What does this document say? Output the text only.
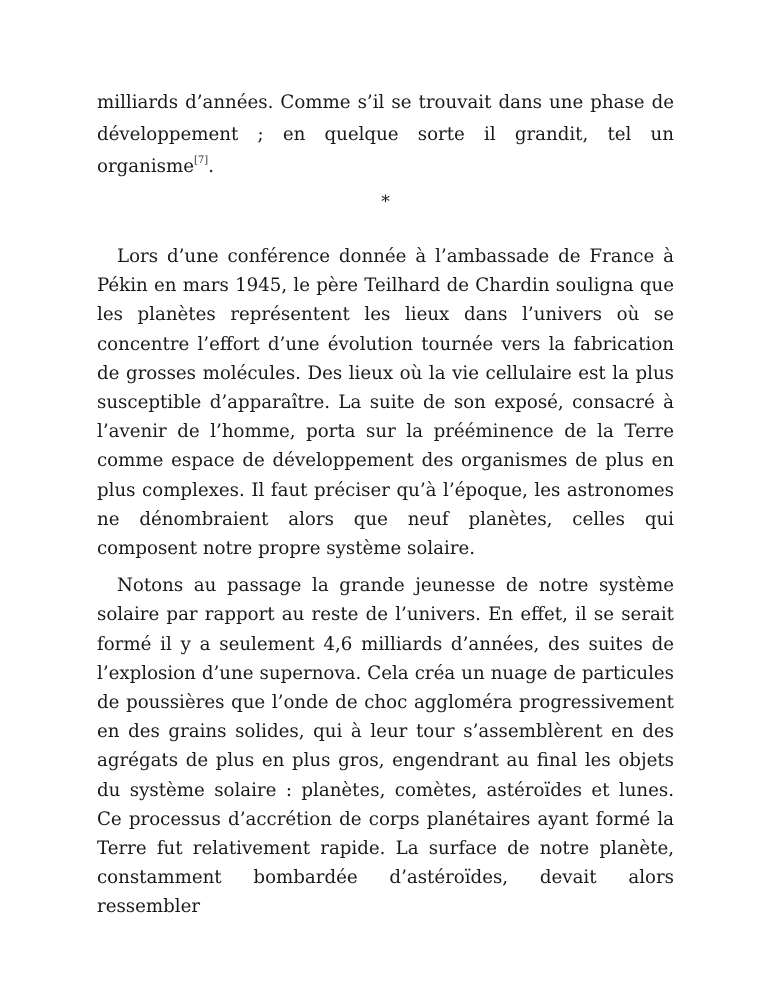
milliards d’années. Comme s’il se trouvait dans une phase de
développement ; en quelque sorte il grandit, tel un
organisme[7].
*

Lors d’une conférence donnée à l’ambassade de France à Pékin en mars 1945, le père Teilhard de Chardin souligna que les planètes représentent les lieux dans l’univers où se concentre l’effort d’une évolution tournée vers la fabrication de grosses molécules. Des lieux où la vie cellulaire est la plus susceptible d’apparaître. La suite de son exposé, consacré à l’avenir de l’homme, porta sur la prééminence de la Terre comme espace de développement des organismes de plus en plus complexes. Il faut préciser qu’à l’époque, les astronomes ne dénombraient alors que neuf planètes, celles qui composent notre propre système solaire.

Notons au passage la grande jeunesse de notre système solaire par rapport au reste de l’univers. En effet, il se serait formé il y a seulement 4,6 milliards d’années, des suites de l’explosion d’une supernova. Cela créa un nuage de particules de poussières que l’onde de choc aggloméra progressivement en des grains solides, qui à leur tour s’assemblèrent en des agrégats de plus en plus gros, engendrant au final les objets du système solaire : planètes, comètes, astéroïdes et lunes. Ce processus d’accrétion de corps planétaires ayant formé la Terre fut relativement rapide. La surface de notre planète, constamment bombardée d’astéroïdes, devait alors ressembler
